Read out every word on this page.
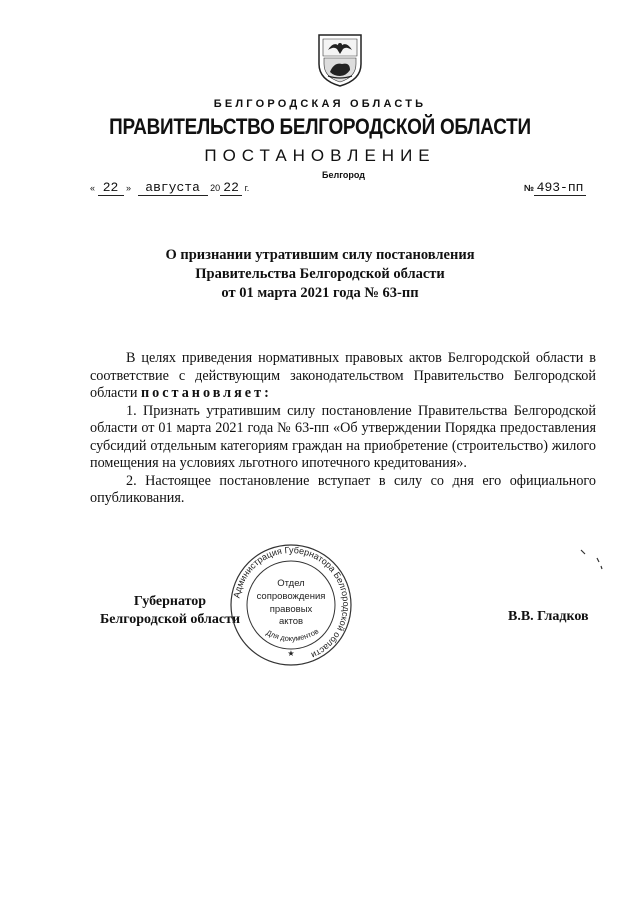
БЕЛГОРОДСКАЯ ОБЛАСТЬ
ПРАВИТЕЛЬСТВО БЕЛГОРОДСКОЙ ОБЛАСТИ
ПОСТАНОВЛЕНИЕ
Белгород
« 22 » августа 20 22 г.	№ 493-пп
О признании утратившим силу постановления
Правительства Белгородской области
от 01 марта 2021 года № 63-пп

В целях приведения нормативных правовых актов Белгородской области в соответствие с действующим законодательством Правительство Белгородской области постановляет:

1. Признать утратившим силу постановление Правительства Белгородской области от 01 марта 2021 года № 63-пп «Об утверждении Порядка предоставления субсидий отдельным категориям граждан на приобретение (строительство) жилого помещения на условиях льготного ипотечного кредитования».

2. Настоящее постановление вступает в силу со дня его официального опубликования.

Губернатор
Белгородской области	В.В. Гладков
Администрация Губернатора Белгородской области
Отдел
сопровождения
правовых
актов
Для документов
★
